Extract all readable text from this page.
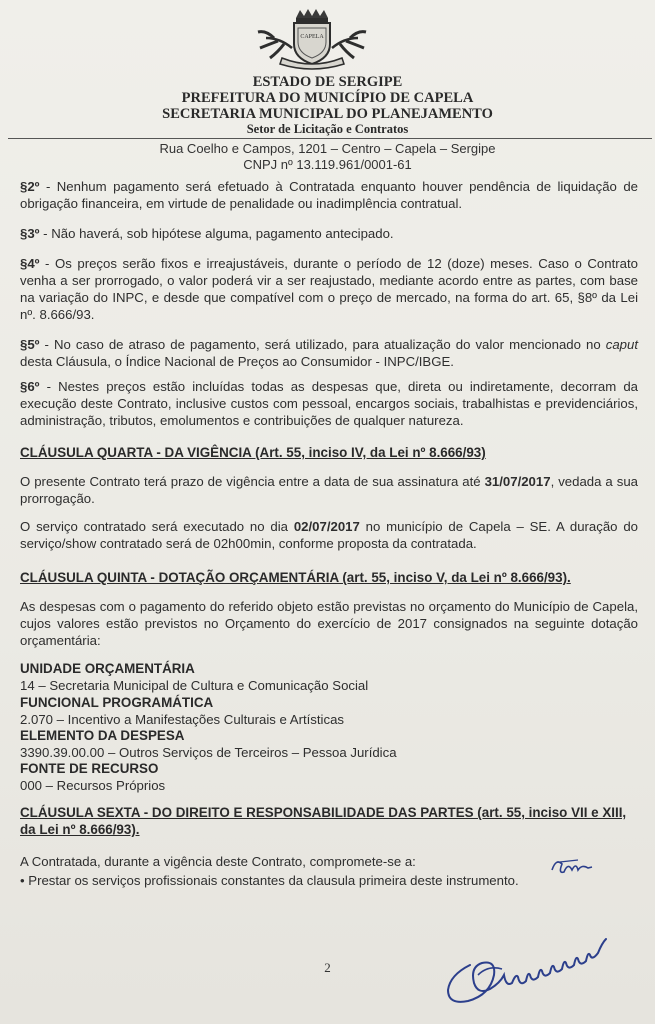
CAPELA
ESTADO DE SERGIPE
PREFEITURA DO MUNICÍPIO DE CAPELA
SECRETARIA MUNICIPAL DO PLANEJAMENTO
Setor de Licitação e Contratos
Rua Coelho e Campos, 1201 – Centro – Capela – Sergipe
CNPJ nº 13.119.961/0001-61

§2º - Nenhum pagamento será efetuado à Contratada enquanto houver pendência de liquidação de obrigação financeira, em virtude de penalidade ou inadimplência contratual.

§3º - Não haverá, sob hipótese alguma, pagamento antecipado.

§4º - Os preços serão fixos e irreajustáveis, durante o período de 12 (doze) meses. Caso o Contrato venha a ser prorrogado, o valor poderá vir a ser reajustado, mediante acordo entre as partes, com base na variação do INPC, e desde que compatível com o preço de mercado, na forma do art. 65, §8º da Lei nº. 8.666/93.

§5º - No caso de atraso de pagamento, será utilizado, para atualização do valor mencionado no caput desta Cláusula, o Índice Nacional de Preços ao Consumidor - INPC/IBGE.

§6º - Nestes preços estão incluídas todas as despesas que, direta ou indiretamente, decorram da execução deste Contrato, inclusive custos com pessoal, encargos sociais, trabalhistas e previdenciários, administração, tributos, emolumentos e contribuições de qualquer natureza.

CLÁUSULA QUARTA - DA VIGÊNCIA (Art. 55, inciso IV, da Lei nº 8.666/93)

O presente Contrato terá prazo de vigência entre a data de sua assinatura até 31/07/2017, vedada a sua prorrogação.

O serviço contratado será executado no dia 02/07/2017 no município de Capela – SE. A duração do serviço/show contratado será de 02h00min, conforme proposta da contratada.

CLÁUSULA QUINTA - DOTAÇÃO ORÇAMENTÁRIA (art. 55, inciso V, da Lei nº 8.666/93).

As despesas com o pagamento do referido objeto estão previstas no orçamento do Município de Capela, cujos valores estão previstos no Orçamento do exercício de 2017 consignados na seguinte dotação orçamentária:

UNIDADE ORÇAMENTÁRIA
14 – Secretaria Municipal de Cultura e Comunicação Social
FUNCIONAL PROGRAMÁTICA
2.070 – Incentivo a Manifestações Culturais e Artísticas
ELEMENTO DA DESPESA
3390.39.00.00 – Outros Serviços de Terceiros – Pessoa Jurídica
FONTE DE RECURSO
000 – Recursos Próprios

CLÁUSULA SEXTA - DO DIREITO E RESPONSABILIDADE DAS PARTES (art. 55, inciso VII e XIII, da Lei nº 8.666/93).

A Contratada, durante a vigência deste Contrato, compromete-se a:

• Prestar os serviços profissionais constantes da clausula primeira deste instrumento.
2
